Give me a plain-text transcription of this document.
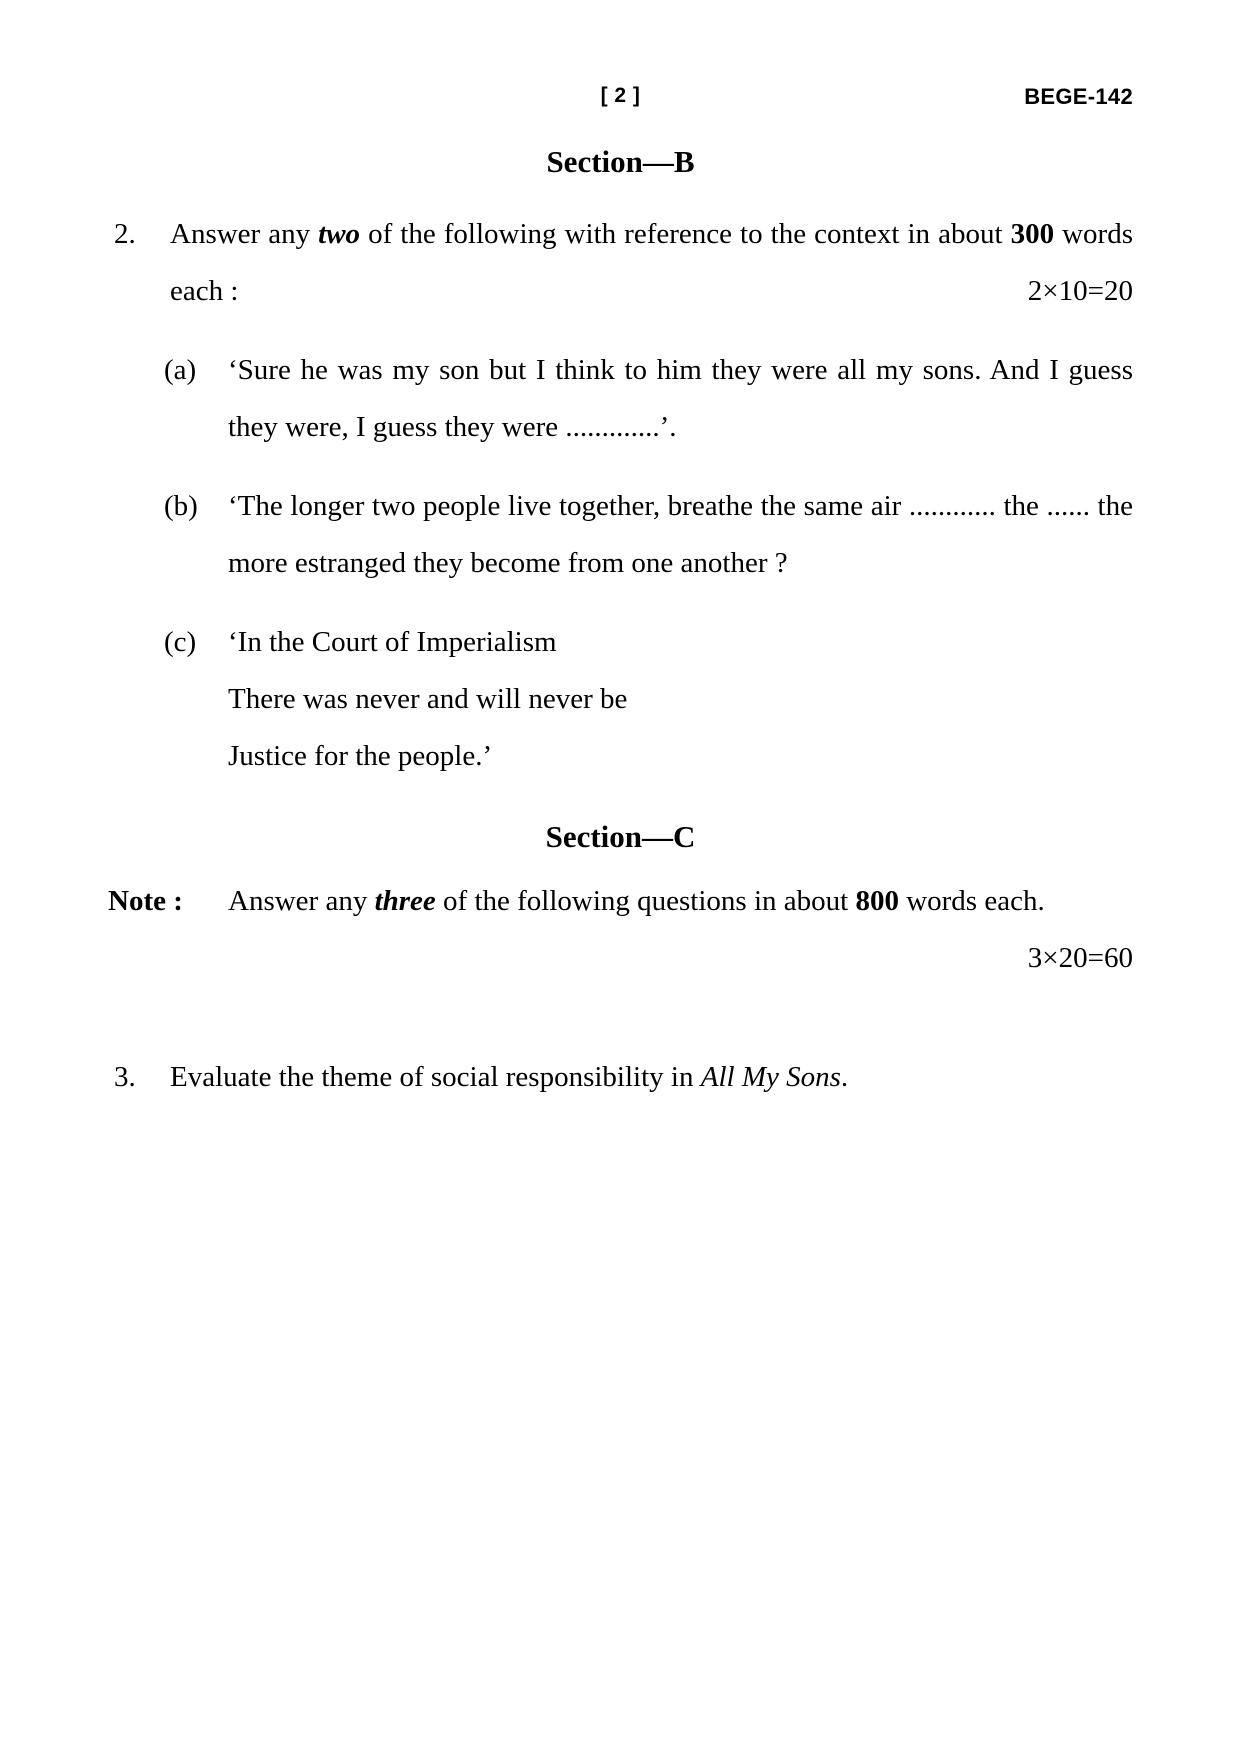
[ 2 ]	BEGE-142
Section—B
2.	Answer any two of the following with reference to the context in about 300 words each :	2×10=20
(a)	‘Sure he was my son but I think to him they were all my sons. And I guess they were, I guess they were .............’.
(b)	‘The longer two people live together, breathe the same air ............ the ...... the more estranged they become from one another ?
(c)	‘In the Court of Imperialism
There was never and will never be
Justice for the people.’
Section—C
Note :	Answer any three of the following questions in about 800 words each.
3×20=60
3.	Evaluate the theme of social responsibility in All My Sons.
